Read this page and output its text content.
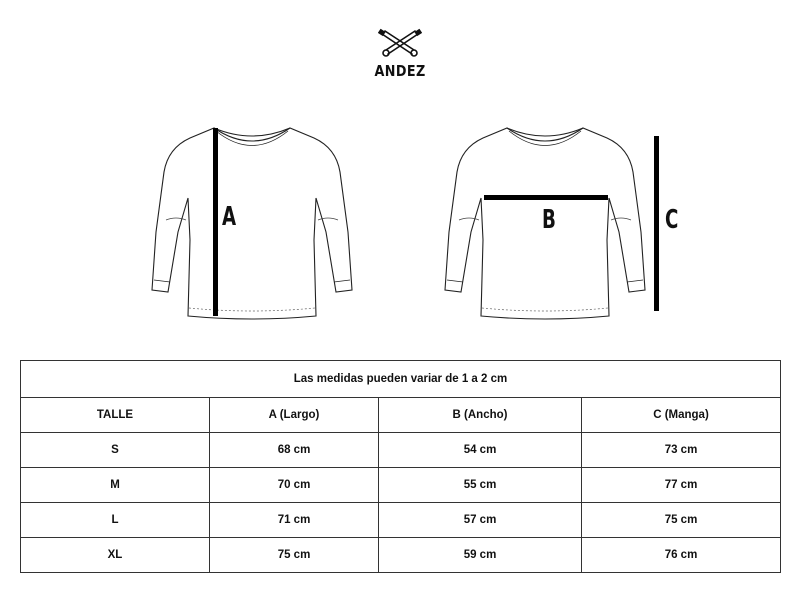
ANDEZ
A	B	C
Las medidas pueden variar de 1 a 2 cm			
TALLE	A (Largo)	B (Ancho)	C (Manga)
S	68 cm	54 cm	73 cm
M	70 cm	55 cm	77 cm
L	71 cm	57 cm	75 cm
XL	75 cm	59 cm	76 cm
